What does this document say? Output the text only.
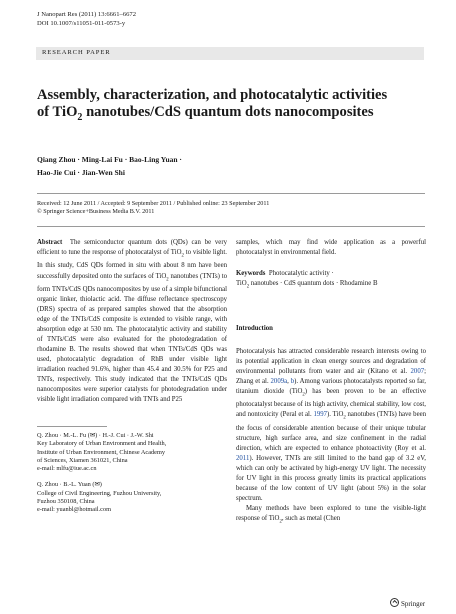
J Nanopart Res (2011) 13:6661–6672
DOI 10.1007/s11051-011-0573-y
RESEARCH PAPER
Assembly, characterization, and photocatalytic activities
of TiO$_2$ nanotubes/CdS quantum dots nanocomposites
Qiang Zhou · Ming-Lai Fu · Bao-Ling Yuan ·
Hao-Jie Cui · Jian-Wen Shi
Received: 12 June 2011 / Accepted: 9 September 2011 / Published online: 23 September 2011
© Springer Science+Business Media B.V. 2011

Abstract The semiconductor quantum dots (QDs) can be very efficient to tune the response of photocatalyst of TiO$_2$ to visible light. In this study, CdS QDs formed in situ with about 8 nm have been successfully deposited onto the surfaces of TiO$_2$ nanotubes (TNTs) to form TNTs/CdS QDs nanocomposites by use of a simple bifunctional organic linker, thiolactic acid. The diffuse reflectance spectroscopy (DRS) spectra of as prepared samples showed that the absorption edge of the TNTs/CdS composite is extended to visible range, with absorption edge at 530 nm. The photocatalytic activity and stability of TNTs/CdS were also evaluated for the photodegradation of rhodamine B. The results showed that when TNTs/CdS QDs was used, photocatalytic degradation of RhB under visible light irradiation reached 91.6%, higher than 45.4 and 30.5% for P25 and TNTs, respectively. This study indicated that the TNTs/CdS QDs nanocomposites were superior catalysts for photodegradation under visible light irradiation compared with TNTs and P25

Q. Zhou · M.-L. Fu (✉) · H.-J. Cui · J.-W. Shi

Key Laboratory of Urban Environment and Health,

Institute of Urban Environment, Chinese Academy

of Sciences, Xiamen 361021, China

e-mail: mlfu@iue.ac.cn

Q. Zhou · B.-L. Yuan (✉)

College of Civil Engineering, Fuzhou University,

Fuzhou 350108, China

e-mail: yuanbl@hotmail.com

samples, which may find wide application as a powerful photocatalyst in environmental field.

Keywords Photocatalytic activity ·
TiO$_2$ nanotubes · CdS quantum dots · Rhodamine B

Introduction

Photocatalysis has attracted considerable research interests owing to its potential application in clean energy sources and degradation of environmental pollutants from water and air (Kitano et al. 2007; Zhang et al. 2009a, b). Among various photocatalysts reported so far, titanium dioxide (TiO$_2$) has been proven to be an effective photocatalyst because of its high activity, chemical stability, low cost, and nontoxicity (Peral et al. 1997). TiO$_2$ nanotubes (TNTs) have been the focus of considerable attention because of their unique tubular structure, high surface area, and size confinement in the radial direction, which are expected to enhance photoactivity (Roy et al. 2011). However, TNTs are still limited to the band gap of 3.2 eV, which can only be activated by high-energy UV light. The necessity for UV light in this process greatly limits its practical applications because of the low content of UV light (about 5%) in the solar spectrum.

Many methods have been explored to tune the visible-light response of TiO$_2$, such as metal (Chen

Springer
